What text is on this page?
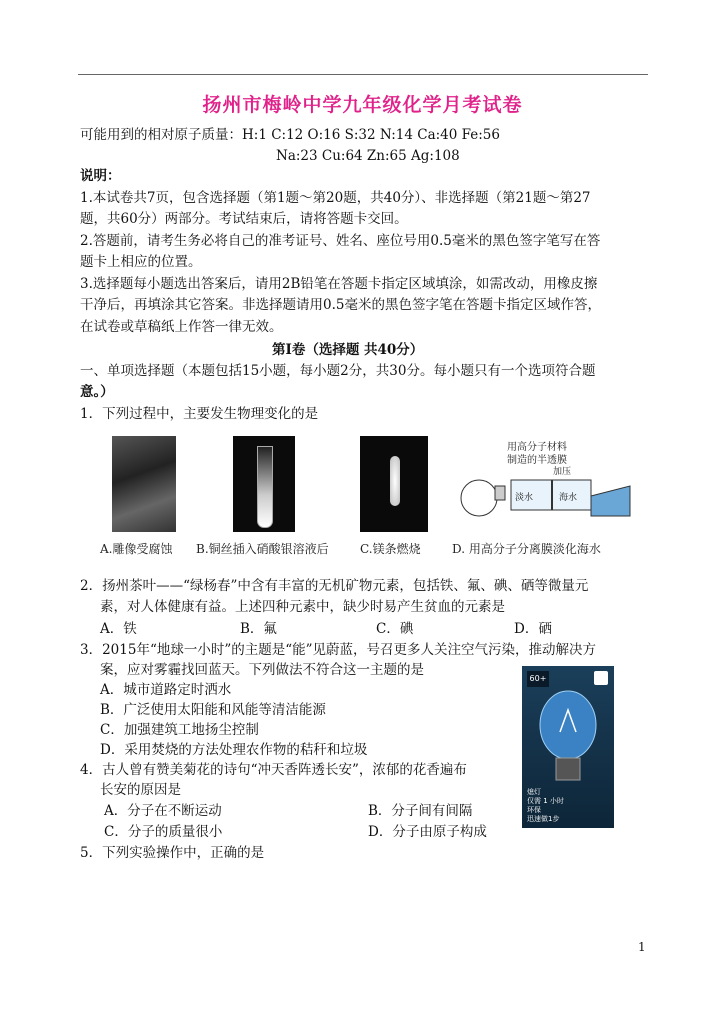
扬州市梅岭中学九年级化学月考试卷
可能用到的相对原子质量：H:1 C:12 O:16 S:32 N:14 Ca:40 Fe:56
Na:23 Cu:64 Zn:65 Ag:108
说明：
1.本试卷共7页，包含选择题（第1题～第20题，共40分）、非选择题（第21题～第27
题，共60分）两部分。考试结束后，请将答题卡交回。
2.答题前，请考生务必将自己的准考证号、姓名、座位号用0.5毫米的黑色签字笔写在答
题卡上相应的位置。
3.选择题每小题选出答案后，请用2B铅笔在答题卡指定区域填涂，如需改动，用橡皮擦
干净后，再填涂其它答案。非选择题请用0.5毫米的黑色签字笔在答题卡指定区域作答，
在试卷或草稿纸上作答一律无效。
第Ⅰ卷（选择题 共40分）
一、单项选择题（本题包括15小题，每小题2分，共30分。每小题只有一个选项符合题
意。）
1．下列过程中，主要发生物理变化的是
用高分子材料
制造的半透膜
加压
淡水	海水
A.雕像受腐蚀 B.铜丝插入硝酸银溶液后	C.镁条燃烧	D. 用高分子分离膜淡化海水
2．扬州茶叶——“绿杨春”中含有丰富的无机矿物元素，包括铁、氟、碘、硒等微量元
素，对人体健康有益。上述四种元素中，缺少时易产生贫血的元素是
A．铁	B．氟	C．碘	D．硒
3．2015年“地球一小时”的主题是“能”见蔚蓝，号召更多人关注空气污染，推动解决方
案，应对雾霾找回蓝天。下列做法不符合这一主题的是
A．城市道路定时洒水
B．广泛使用太阳能和风能等清洁能源
C．加强建筑工地扬尘控制
D．采用焚烧的方法处理农作物的秸秆和垃圾
60+
熄灯
仅需 1 小时
环保
迅速做1步
4．古人曾有赞美菊花的诗句“冲天香阵透长安”，浓郁的花香遍布
长安的原因是
A．分子在不断运动	B．分子间有间隔
C．分子的质量很小	D．分子由原子构成
5．下列实验操作中，正确的是
1
